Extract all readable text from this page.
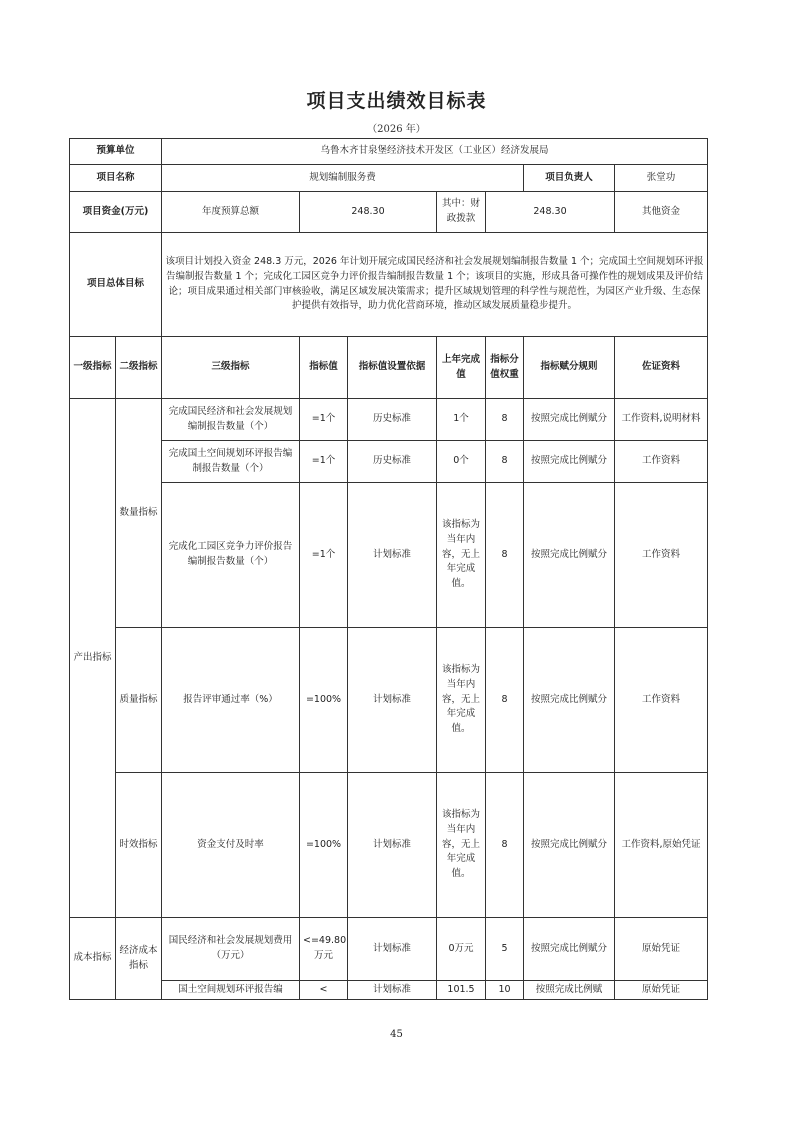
项目支出绩效目标表
（2026 年）
预算单位		乌鲁木齐甘泉堡经济技术开发区（工业区）经济发展局							
项目名称		规划编制服务费					项目负责人	张堂功	
项目资金(万元)		年度预算总额	248.30		其中：财政拨款	248.30		其他资金	
项目总体目标		该项目计划投入资金 248.3 万元，2026 年计划开展完成国民经济和社会发展规划编制报告数量 1 个；完成国土空间规划环评报告编制报告数量 1 个；完成化工园区竞争力评价报告编制报告数量 1 个；该项目的实施，形成具备可操作性的规划成果及评价结论；项目成果通过相关部门审核验收，满足区域发展决策需求；提升区域规划管理的科学性与规范性，为园区产业升级、生态保护提供有效指导，助力优化营商环境，推动区域发展质量稳步提升。							
一级指标	二级指标	三级指标	指标值	指标值设置依据	上年完成值	指标分值权重	指标赋分规则	佐证资料	
产出指标	数量指标	完成国民经济和社会发展规划编制报告数量（个）	=1个	历史标准	1个	8	按照完成比例赋分	工作资料,说明材料	
		完成国土空间规划环评报告编制报告数量（个）	=1个	历史标准	0个	8	按照完成比例赋分	工作资料	
		完成化工园区竞争力评价报告编制报告数量（个）	=1个	计划标准	该指标为当年内容，无上年完成值。	8	按照完成比例赋分	工作资料	
	质量指标	报告评审通过率（%）	=100%	计划标准	该指标为当年内容，无上年完成值。	8	按照完成比例赋分	工作资料	
	时效指标	资金支付及时率	=100%	计划标准	该指标为当年内容，无上年完成值。	8	按照完成比例赋分	工作资料,原始凭证	
成本指标	经济成本指标	国民经济和社会发展规划费用（万元）	<=49.80万元	计划标准	0万元	5	按照完成比例赋分	原始凭证	
		国土空间规划环评报告编	<	计划标准	101.5	10	按照完成比例赋	原始凭证	
45
